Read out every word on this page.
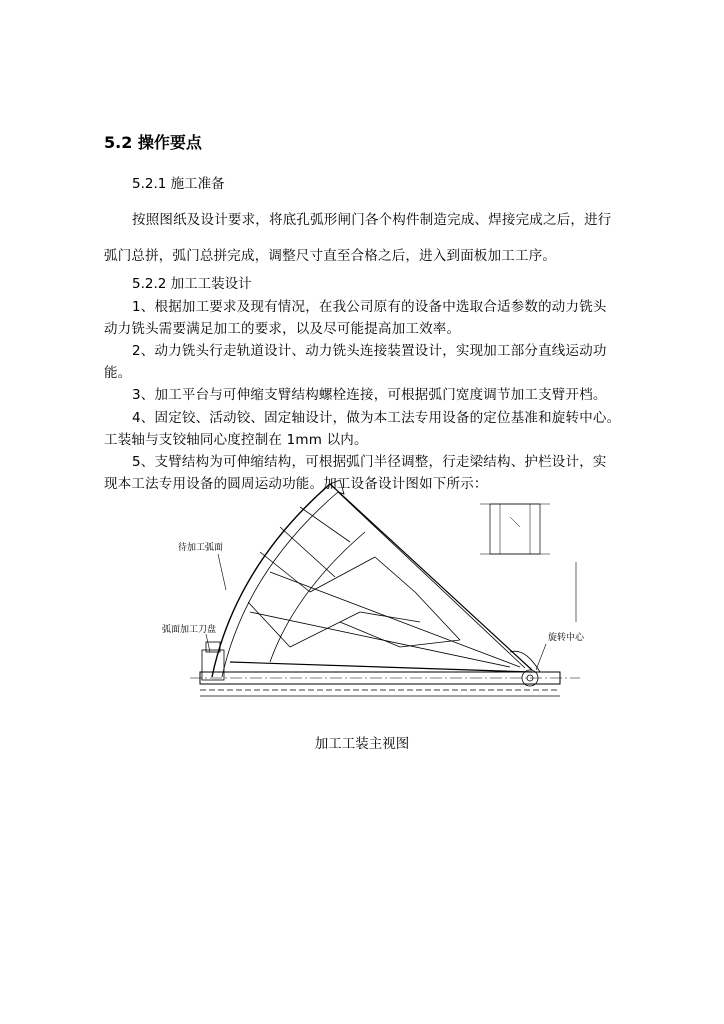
5.2 操作要点
5.2.1 施工准备
按照图纸及设计要求，将底孔弧形闸门各个构件制造完成、焊接完成之后，进行
弧门总拼，弧门总拼完成，调整尺寸直至合格之后，进入到面板加工工序。
5.2.2 加工工装设计
1、根据加工要求及现有情况，在我公司原有的设备中选取合适参数的动力铣头
动力铣头需要满足加工的要求，以及尽可能提高加工效率。
2、动力铣头行走轨道设计、动力铣头连接装置设计，实现加工部分直线运动功
能。
3、加工平台与可伸缩支臂结构螺栓连接，可根据弧门宽度调节加工支臂开档。
4、固定铰、活动铰、固定轴设计，做为本工法专用设备的定位基准和旋转中心。
工装轴与支铰轴同心度控制在 1mm 以内。
5、支臂结构为可伸缩结构，可根据弧门半径调整，行走梁结构、护栏设计，实
现本工法专用设备的圆周运动功能。加工设备设计图如下所示：
待加工弧面
弧面加工刀盘
旋转中心
加工工装主视图
